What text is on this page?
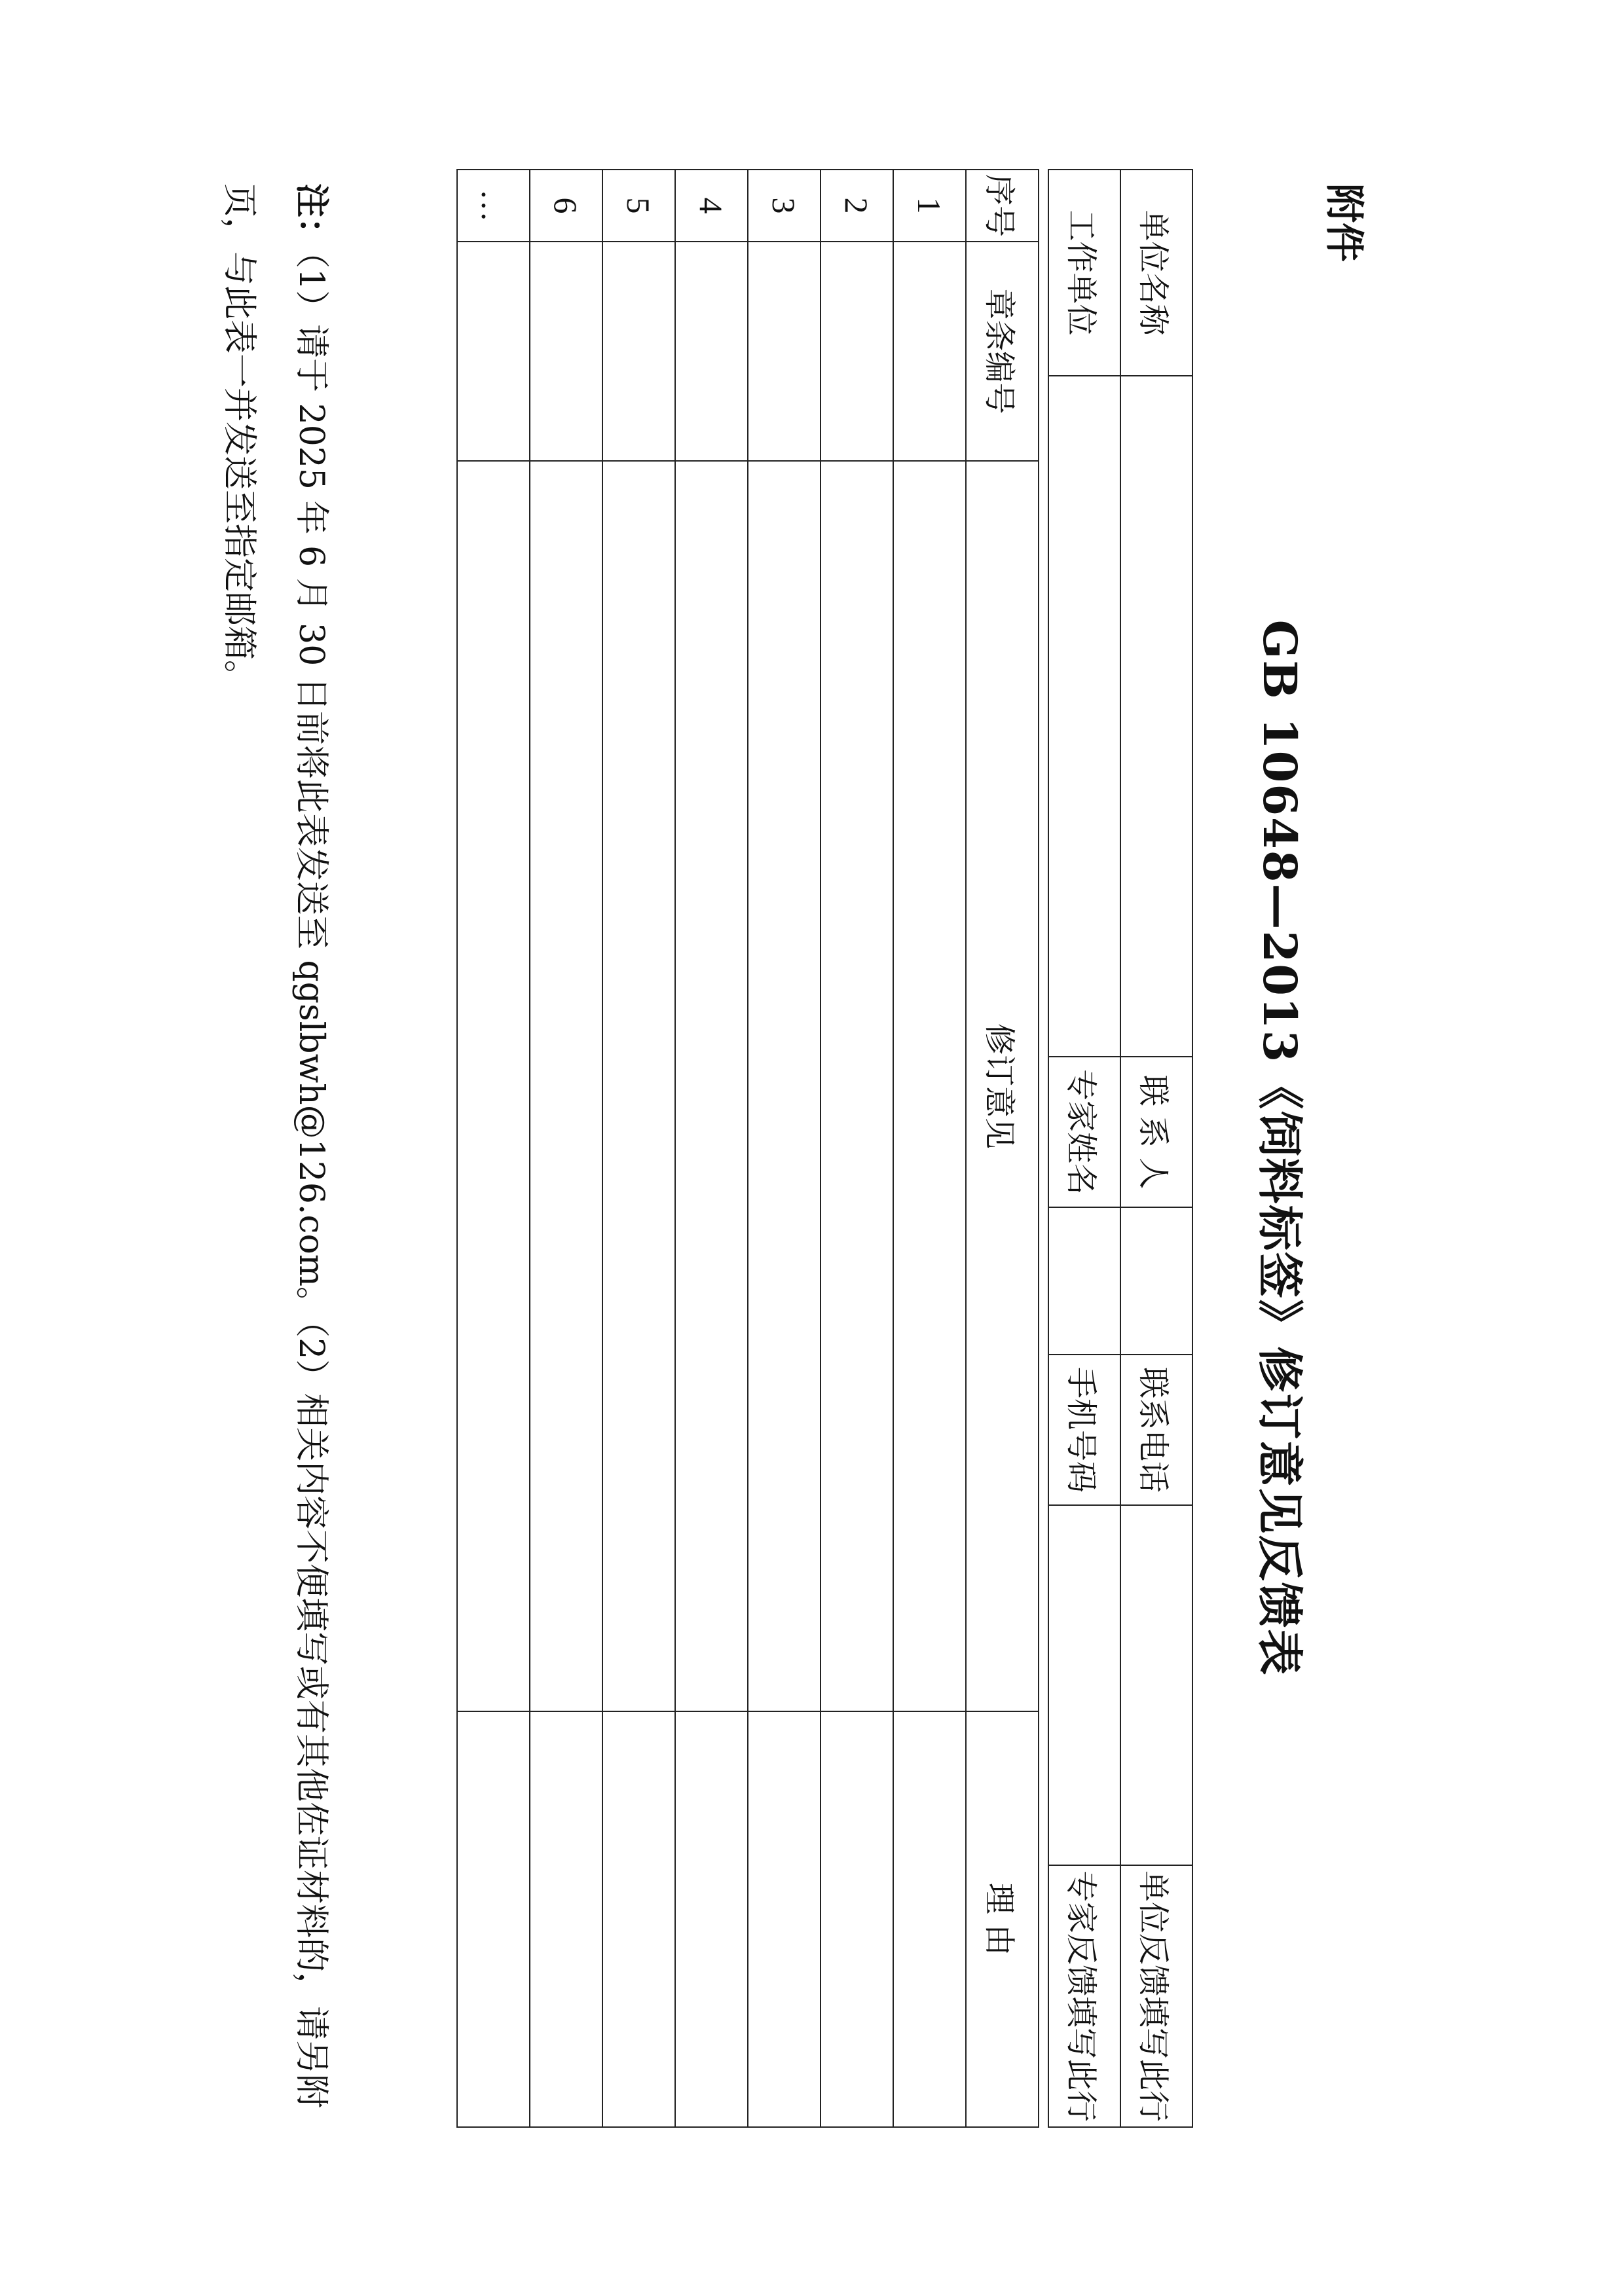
附件
GB 10648—2013《饲料标签》修订意见反馈表
单位名称		联 系 人		联系电话		单位反馈填写此行
工作单位		专家姓名		手机号码		专家反馈填写此行
序号	章条编号	修订意见	理 由
1			
2			
3			
4			
5			
6			
…			
注：（1）请于 2025 年 6 月 30 日前将此表发送至 qgslbwh@126.com。（2）相关内容不便填写或有其他佐证材料的，请另附页，与此表一并发送至指定邮箱。
